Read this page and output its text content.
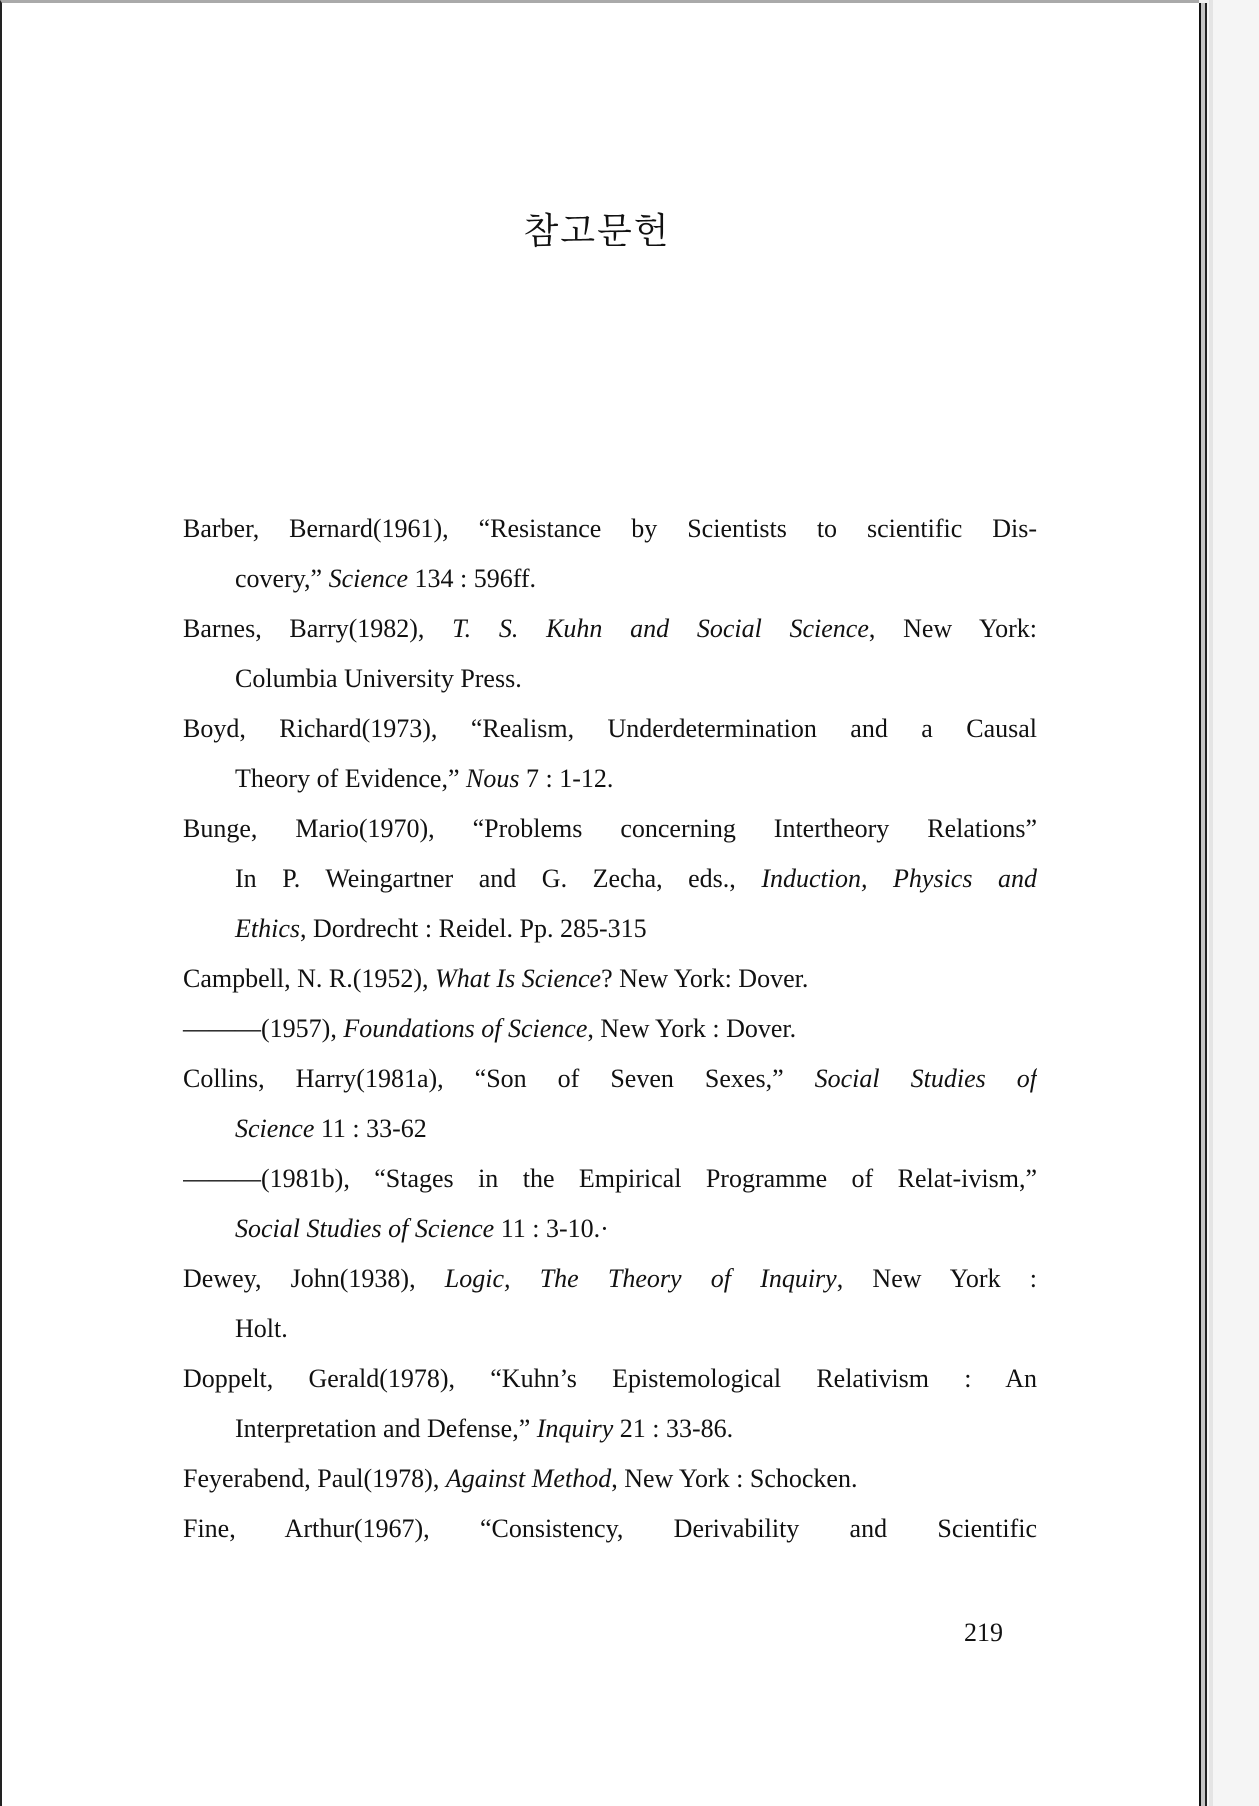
참고문헌
Barber, Bernard(1961), “Resistance by Scientists to scientific Dis-
covery,” Science 134 : 596ff.
Barnes, Barry(1982), T. S. Kuhn and Social Science, New York:
Columbia University Press.
Boyd, Richard(1973), “Realism, Underdetermination and a Causal
Theory of Evidence,” Nous 7 : 1-12.
Bunge, Mario(1970), “Problems concerning Intertheory Relations”
In P. Weingartner and G. Zecha, eds., Induction, Physics and
Ethics, Dordrecht : Reidel. Pp. 285-315
Campbell, N. R.(1952), What Is Science? New York: Dover.
———(1957), Foundations of Science, New York : Dover.
Collins, Harry(1981a), “Son of Seven Sexes,” Social Studies of
Science 11 : 33-62
———(1981b), “Stages in the Empirical Programme of Relat-ivism,”
Social Studies of Science 11 : 3-10.·
Dewey, John(1938), Logic, The Theory of Inquiry, New York :
Holt.
Doppelt, Gerald(1978), “Kuhn’s Epistemological Relativism : An
Interpretation and Defense,” Inquiry 21 : 33-86.
Feyerabend, Paul(1978), Against Method, New York : Schocken.
Fine, Arthur(1967), “Consistency, Derivability and Scientific
219
